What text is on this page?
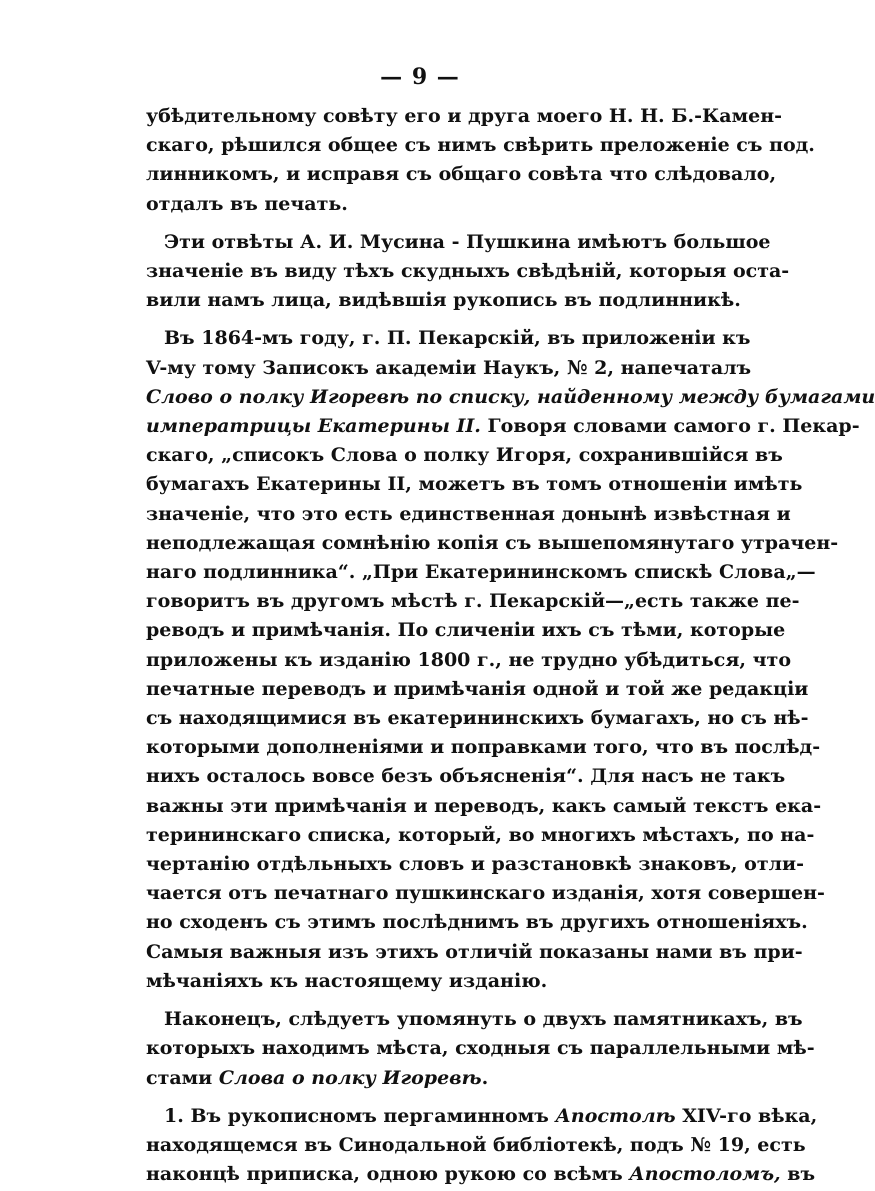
— 9 —
убѣдительному совѣту его и друга моего Н. Н. Б.-Камен-
скаго, рѣшился общее съ нимъ свѣрить преложеніе съ под.
линникомъ, и исправя съ общаго совѣта что слѣдовало,
отдалъ въ печать.
Эти отвѣты А. И. Мусина - Пушкина имѣютъ большое
значеніе въ виду тѣхъ скудныхъ свѣдѣній, которыя оста-
вили намъ лица, видѣвшія рукопись въ подлинникѣ.
Въ 1864-мъ году, г. П. Пекарскій, въ приложеніи къ
V-му тому Записокъ академіи Наукъ, № 2, напечаталъ
Слово о полку Игоревѣ по списку, найденному между бумагами
императрицы Екатерины II. Говоря словами самого г. Пекар-
скаго, „списокъ Слова о полку Игоря, сохранившійся въ
бумагахъ Екатерины II, можетъ въ томъ отношеніи имѣть
значеніе, что это есть единственная донынѣ извѣстная и
неподлежащая сомнѣнію копія съ вышепомянутаго утрачен-
наго подлинника“. „При Екатерининскомъ спискѣ Слова„—
говоритъ въ другомъ мѣстѣ г. Пекарскій—„есть также пе-
реводъ и примѣчанія. По сличеніи ихъ съ тѣми, которые
приложены къ изданію 1800 г., не трудно убѣдиться, что
печатные переводъ и примѣчанія одной и той же редакціи
съ находящимися въ екатерининскихъ бумагахъ, но съ нѣ-
которыми дополненіями и поправками того, что въ послѣд-
нихъ осталось вовсе безъ объясненія“. Для насъ не такъ
важны эти примѣчанія и переводъ, какъ самый текстъ ека-
терининскаго списка, который, во многихъ мѣстахъ, по на-
чертанію отдѣльныхъ словъ и разстановкѣ знаковъ, отли-
чается отъ печатнаго пушкинскаго изданія, хотя совершен-
но сходенъ съ этимъ послѣднимъ въ другихъ отношеніяхъ.
Самыя важныя изъ этихъ отличій показаны нами въ при-
мѣчаніяхъ къ настоящему изданію.
Наконецъ, слѣдуетъ упомянуть о двухъ памятникахъ, въ
которыхъ находимъ мѣста, сходныя съ параллельными мѣ-
стами Слова о полку Игоревѣ.
1. Въ рукописномъ пергаминномъ Апостолѣ XIV-го вѣка,
находящемся въ Синодальной библіотекѣ, подъ № 19, есть
наконцѣ приписка, одною рукою со всѣмъ Апостоломъ, въ
